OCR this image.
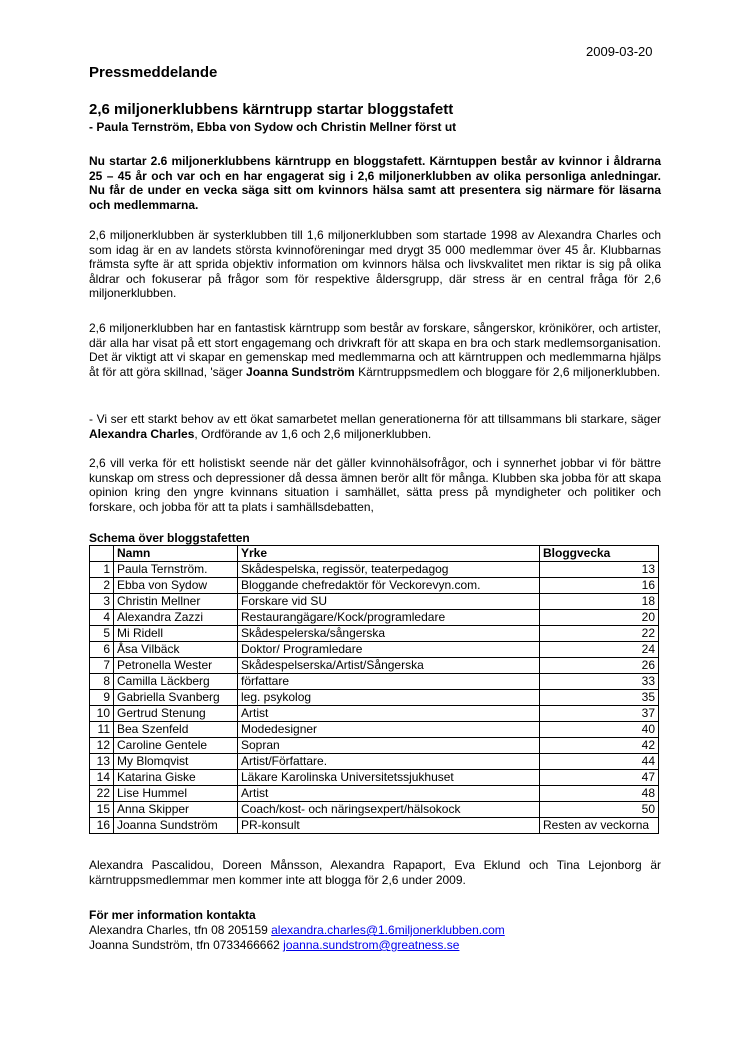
2009-03-20
Pressmeddelande
2,6 miljonerklubbens kärntrupp startar bloggstafett
- Paula Ternström, Ebba von Sydow och Christin Mellner först ut

Nu startar 2.6 miljonerklubbens kärntrupp en bloggstafett. Kärntuppen består av kvinnor i åldrarna 25 – 45 år och var och en har engagerat sig i 2,6 miljonerklubben av olika personliga anledningar. Nu får de under en vecka säga sitt om kvinnors hälsa samt att presentera sig närmare för läsarna och medlemmarna.

2,6 miljonerklubben är systerklubben till 1,6 miljonerklubben som startade 1998 av Alexandra Charles och som idag är en av landets största kvinnoföreningar med drygt 35 000 medlemmar över 45 år. Klubbarnas främsta syfte är att sprida objektiv information om kvinnors hälsa och livskvalitet men riktar is sig på olika åldrar och fokuserar på frågor som för respektive åldersgrupp, där stress är en central fråga för 2,6 miljonerklubben.

2,6 miljonerklubben har en fantastisk kärntrupp som består av forskare, sångerskor, krönikörer, och artister, där alla har visat på ett stort engagemang och drivkraft för att skapa en bra och stark medlemsorganisation. Det är viktigt att vi skapar en gemenskap med medlemmarna och att kärntruppen och medlemmarna hjälps åt för att göra skillnad, 'säger Joanna Sundström Kärntruppsmedlem och bloggare för 2,6 miljonerklubben.

- Vi ser ett starkt behov av ett ökat samarbetet mellan generationerna för att tillsammans bli starkare, säger Alexandra Charles, Ordförande av 1,6 och 2,6 miljonerklubben.

2,6 vill verka för ett holistiskt seende när det gäller kvinnohälsofrågor, och i synnerhet jobbar vi för bättre kunskap om stress och depressioner då dessa ämnen berör allt för många. Klubben ska jobba för att skapa opinion kring den yngre kvinnans situation i samhället, sätta press på myndigheter och politiker och forskare, och jobba för att ta plats i samhällsdebatten,

Schema över bloggstafetten
	Namn	Yrke	Bloggvecka
1	Paula Ternström.	Skådespelska, regissör, teaterpedagog	13
2	Ebba von Sydow	Bloggande chefredaktör för Veckorevyn.com.	16
3	Christin Mellner	Forskare vid SU	18
4	Alexandra Zazzi	Restaurangägare/Kock/programledare	20
5	Mi Ridell	Skådespelerska/sångerska	22
6	Åsa Vilbäck	Doktor/ Programledare	24
7	Petronella Wester	Skådespelserska/Artist/Sångerska	26
8	Camilla Läckberg	författare	33
9	Gabriella Svanberg	leg. psykolog	35
10	Gertrud Stenung	Artist	37
11	Bea Szenfeld	Modedesigner	40
12	Caroline Gentele	Sopran	42
13	My Blomqvist	Artist/Författare.	44
14	Katarina Giske	Läkare Karolinska Universitetssjukhuset	47
22	Lise Hummel	Artist	48
15	Anna Skipper	Coach/kost- och näringsexpert/hälsokock	50
16	Joanna Sundström	PR-konsult	Resten av veckorna

Alexandra Pascalidou, Doreen Månsson, Alexandra Rapaport, Eva Eklund och Tina Lejonborg är kärntruppsmedlemmar men kommer inte att blogga för 2,6 under 2009.

För mer information kontakta
Alexandra Charles, tfn 08 205159 alexandra.charles@1.6miljonerklubben.com
Joanna Sundström, tfn 0733466662 joanna.sundstrom@greatness.se
